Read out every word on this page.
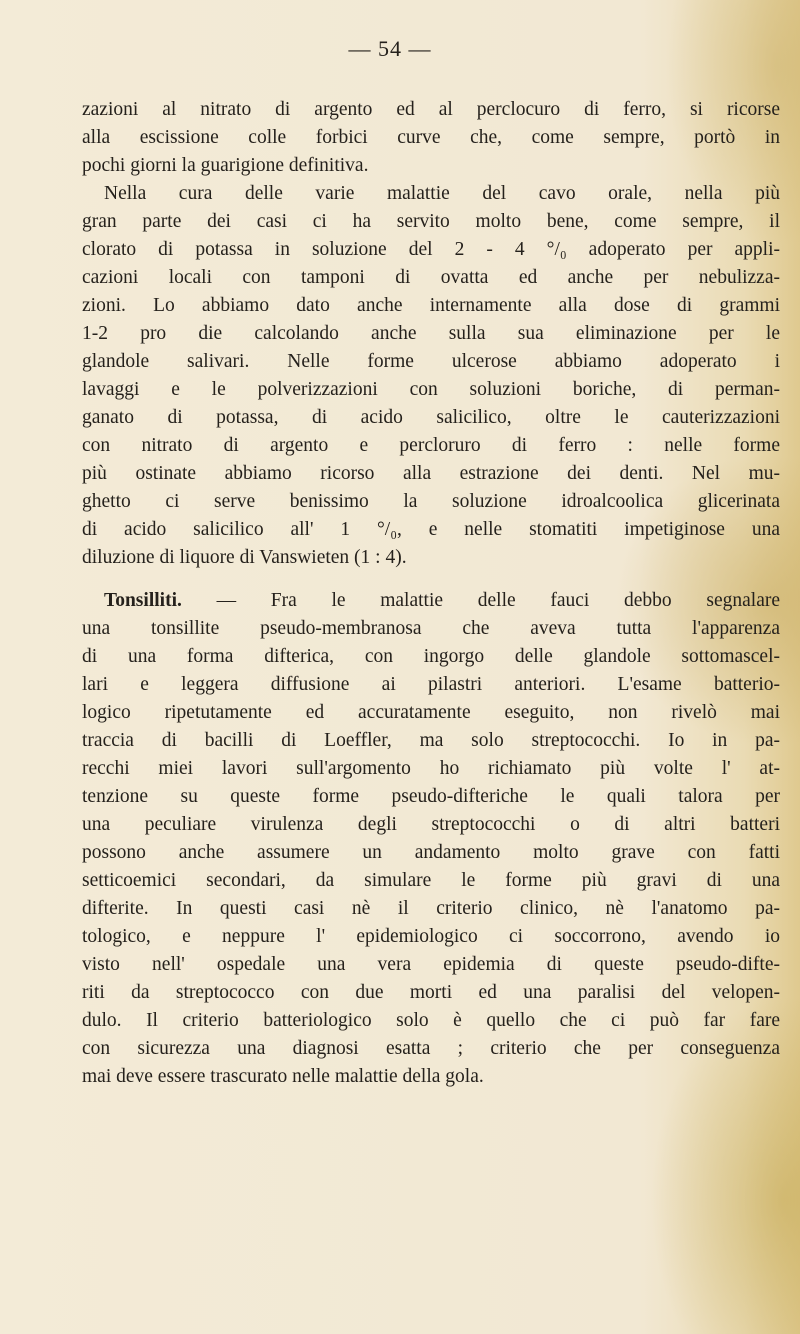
— 54 —
zazioni al nitrato di argento ed al perclocuro di ferro, si ricorse
alla escissione colle forbici curve che, come sempre, portò in
pochi giorni la guarigione definitiva.
Nella cura delle varie malattie del cavo orale, nella più
gran parte dei casi ci ha servito molto bene, come sempre, il
clorato di potassa in soluzione del 2 - 4 °/₀ adoperato per appli-
cazioni locali con tamponi di ovatta ed anche per nebulizza-
zioni. Lo abbiamo dato anche internamente alla dose di grammi
1-2 pro die calcolando anche sulla sua eliminazione per le
glandole salivari. Nelle forme ulcerose abbiamo adoperato i
lavaggi e le polverizzazioni con soluzioni boriche, di perman-
ganato di potassa, di acido salicilico, oltre le cauterizzazioni
con nitrato di argento e percloruro di ferro : nelle forme
più ostinate abbiamo ricorso alla estrazione dei denti. Nel mu-
ghetto ci serve benissimo la soluzione idroalcoolica glicerinata
di acido salicilico all' 1 °/₀, e nelle stomatiti impetiginose una
diluzione di liquore di Vanswieten (1 : 4).
Tonsilliti. — Fra le malattie delle fauci debbo segnalare
una tonsillite pseudo-membranosa che aveva tutta l'apparenza
di una forma difterica, con ingorgo delle glandole sottomascel-
lari e leggera diffusione ai pilastri anteriori. L'esame batterio-
logico ripetutamente ed accuratamente eseguito, non rivelò mai
traccia di bacilli di Loeffler, ma solo streptococchi. Io in pa-
recchi miei lavori sull'argomento ho richiamato più volte l' at-
tenzione su queste forme pseudo-difteriche le quali talora per
una peculiare virulenza degli streptococchi o di altri batteri
possono anche assumere un andamento molto grave con fatti
setticoemici secondari, da simulare le forme più gravi di una
difterite. In questi casi nè il criterio clinico, nè l'anatomo pa-
tologico, e neppure l' epidemiologico ci soccorrono, avendo io
visto nell' ospedale una vera epidemia di queste pseudo-difte-
riti da streptococco con due morti ed una paralisi del velopen-
dulo. Il criterio batteriologico solo è quello che ci può far fare
con sicurezza una diagnosi esatta ; criterio che per conseguenza
mai deve essere trascurato nelle malattie della gola.
